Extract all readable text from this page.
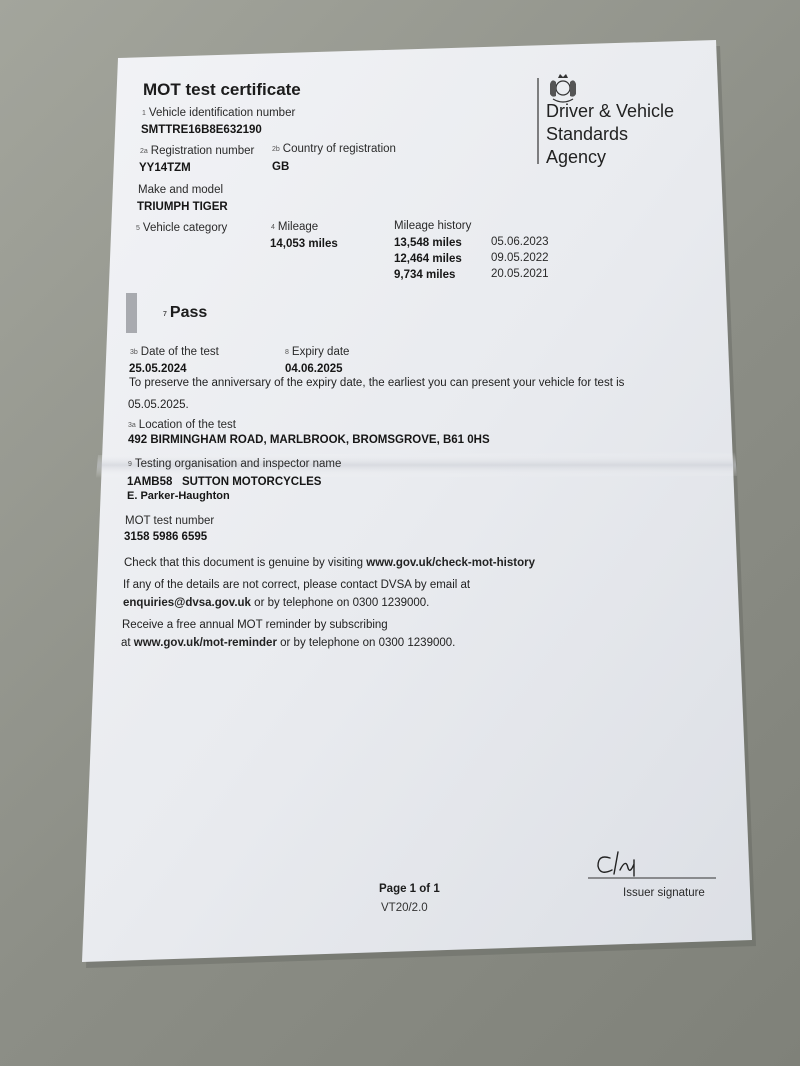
MOT test certificate
Driver & Vehicle
Standards
Agency
1 Vehicle identification number
SMTTRE16B8E632190
2a Registration number
YY14TZM
2b Country of registration
GB
Make and model
TRIUMPH TIGER
5 Vehicle category	4 Mileage
14,053 miles
Mileage history
13,548 miles	05.06.2023
12,464 miles	09.05.2022
9,734 miles	20.05.2021
7 Pass
3b Date of the test
25.05.2024
8 Expiry date
04.06.2025
To preserve the anniversary of the expiry date, the earliest you can present your vehicle for test is
05.05.2025.
3a Location of the test
492 BIRMINGHAM ROAD, MARLBROOK, BROMSGROVE, B61 0HS
9 Testing organisation and inspector name
1AMB58   SUTTON MOTORCYCLES
E. Parker-Haughton
MOT test number
3158 5986 6595
Check that this document is genuine by visiting www.gov.uk/check-mot-history
If any of the details are not correct, please contact DVSA by email at
enquiries@dvsa.gov.uk or by telephone on 0300 1239000.
Receive a free annual MOT reminder by subscribing
at www.gov.uk/mot-reminder or by telephone on 0300 1239000.
Page 1 of 1
VT20/2.0
Issuer signature
